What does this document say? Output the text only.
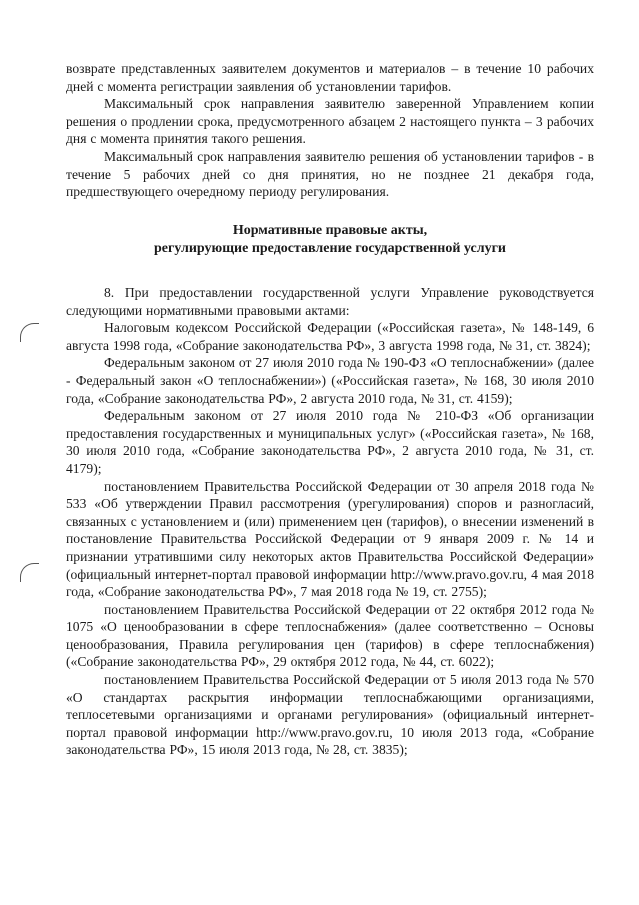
возврате представленных заявителем документов и материалов – в течение 10 рабочих дней с момента регистрации заявления об установлении тарифов.

Максимальный срок направления заявителю заверенной Управлением копии решения о продлении срока, предусмотренного абзацем 2 настоящего пункта – 3 рабочих дня с момента принятия такого решения.

Максимальный срок направления заявителю решения об установлении тарифов - в течение 5 рабочих дней со дня принятия, но не позднее 21 декабря года, предшествующего очередному периоду регулирования.

Нормативные правовые акты,

регулирующие предоставление государственной услуги

8. При предоставлении государственной услуги Управление руководствуется следующими нормативными правовыми актами:

Налоговым кодексом Российской Федерации («Российская газета», № 148-149, 6 августа 1998 года, «Собрание законодательства РФ», 3 августа 1998 года, № 31, ст. 3824);

Федеральным законом от 27 июля 2010 года № 190-ФЗ «О теплоснабжении» (далее - Федеральный закон «О теплоснабжении») («Российская газета», № 168, 30 июля 2010 года, «Собрание законодательства РФ», 2 августа 2010 года, № 31, ст. 4159);

Федеральным законом от 27 июля 2010 года № 210-ФЗ «Об организации предоставления государственных и муниципальных услуг» («Российская газета», № 168, 30 июля 2010 года, «Собрание законодательства РФ», 2 августа 2010 года, № 31, ст. 4179);

постановлением Правительства Российской Федерации от 30 апреля 2018 года № 533 «Об утверждении Правил рассмотрения (урегулирования) споров и разногласий, связанных с установлением и (или) применением цен (тарифов), о внесении изменений в постановление Правительства Российской Федерации от 9 января 2009 г. № 14 и признании утратившими силу некоторых актов Правительства Российской Федерации» (официальный интернет-портал правовой информации http://www.pravo.gov.ru, 4 мая 2018 года, «Собрание законодательства РФ», 7 мая 2018 года № 19, ст. 2755);

постановлением Правительства Российской Федерации от 22 октября 2012 года № 1075 «О ценообразовании в сфере теплоснабжения» (далее соответственно – Основы ценообразования, Правила регулирования цен (тарифов) в сфере теплоснабжения) («Собрание законодательства РФ», 29 октября 2012 года, № 44, ст. 6022);

постановлением Правительства Российской Федерации от 5 июля 2013 года № 570 «О стандартах раскрытия информации теплоснабжающими организациями, теплосетевыми организациями и органами регулирования» (официальный интернет-портал правовой информации http://www.pravo.gov.ru, 10 июля 2013 года, «Собрание законодательства РФ», 15 июля 2013 года, № 28, ст. 3835);
